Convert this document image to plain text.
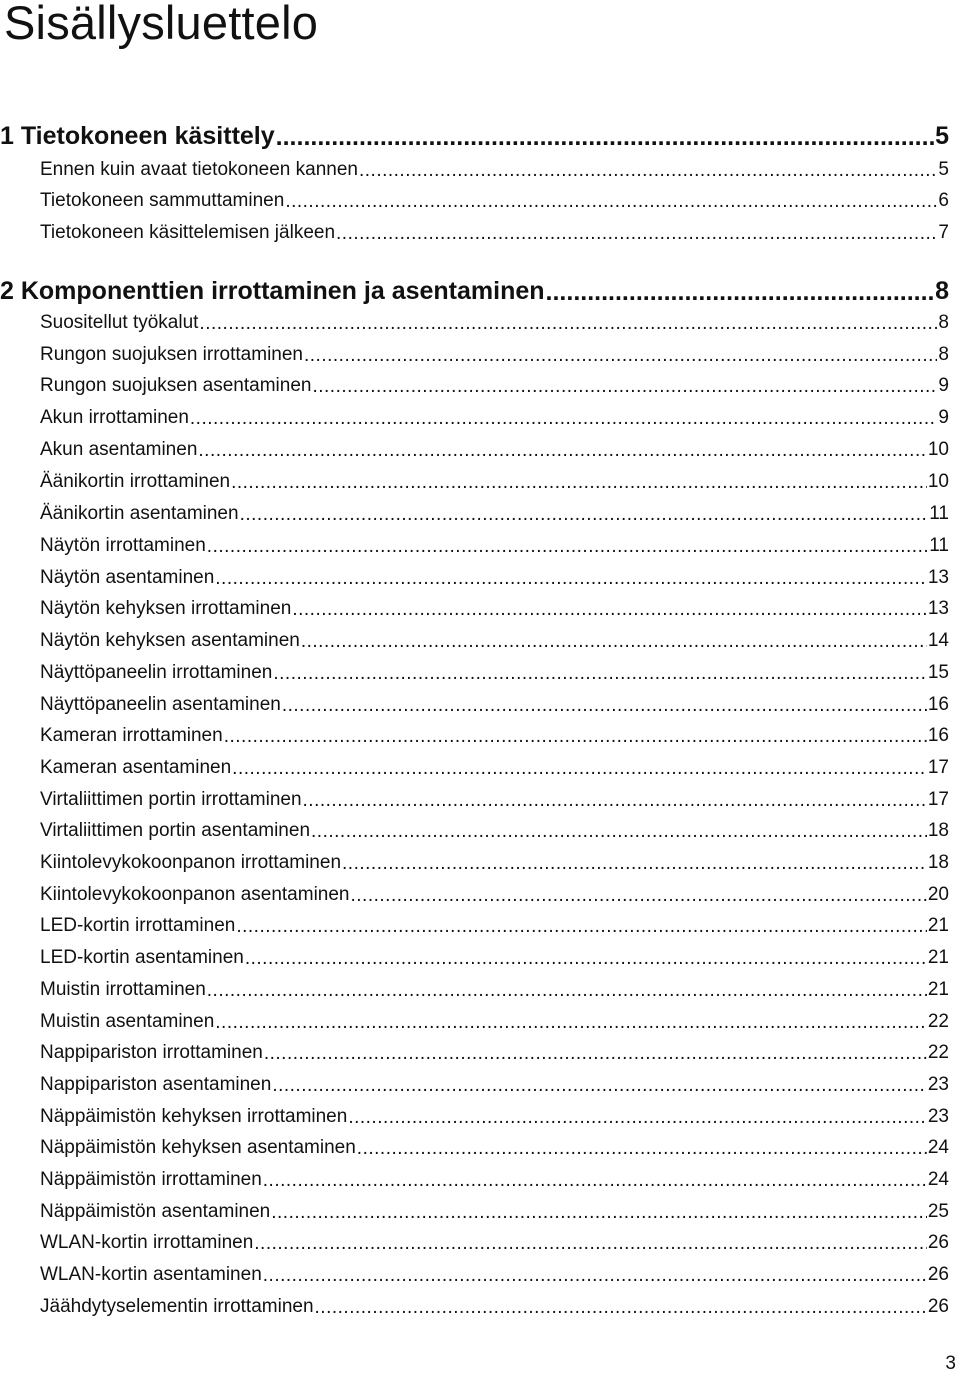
Sisällysluettelo
1 Tietokoneen käsittely .....	5
Ennen kuin avaat tietokoneen kannen .....	5
Tietokoneen sammuttaminen .....	6
Tietokoneen käsittelemisen jälkeen .....	7
2 Komponenttien irrottaminen ja asentaminen .....	8
Suositellut työkalut .....	8
Rungon suojuksen irrottaminen .....	8
Rungon suojuksen asentaminen .....	9
Akun irrottaminen .....	9
Akun asentaminen .....	10
Äänikortin irrottaminen .....	10
Äänikortin asentaminen .....	11
Näytön irrottaminen .....	11
Näytön asentaminen .....	13
Näytön kehyksen irrottaminen .....	13
Näytön kehyksen asentaminen .....	14
Näyttöpaneelin irrottaminen .....	15
Näyttöpaneelin asentaminen .....	16
Kameran irrottaminen .....	16
Kameran asentaminen .....	17
Virtaliittimen portin irrottaminen .....	17
Virtaliittimen portin asentaminen .....	18
Kiintolevykokoonpanon irrottaminen .....	18
Kiintolevykokoonpanon asentaminen .....	20
LED-kortin irrottaminen .....	21
LED-kortin asentaminen .....	21
Muistin irrottaminen .....	21
Muistin asentaminen .....	22
Nappipariston irrottaminen .....	22
Nappipariston asentaminen .....	23
Näppäimistön kehyksen irrottaminen .....	23
Näppäimistön kehyksen asentaminen .....	24
Näppäimistön irrottaminen .....	24
Näppäimistön asentaminen .....	25
WLAN-kortin irrottaminen .....	26
WLAN-kortin asentaminen .....	26
Jäähdytyselementin irrottaminen .....	26
3
